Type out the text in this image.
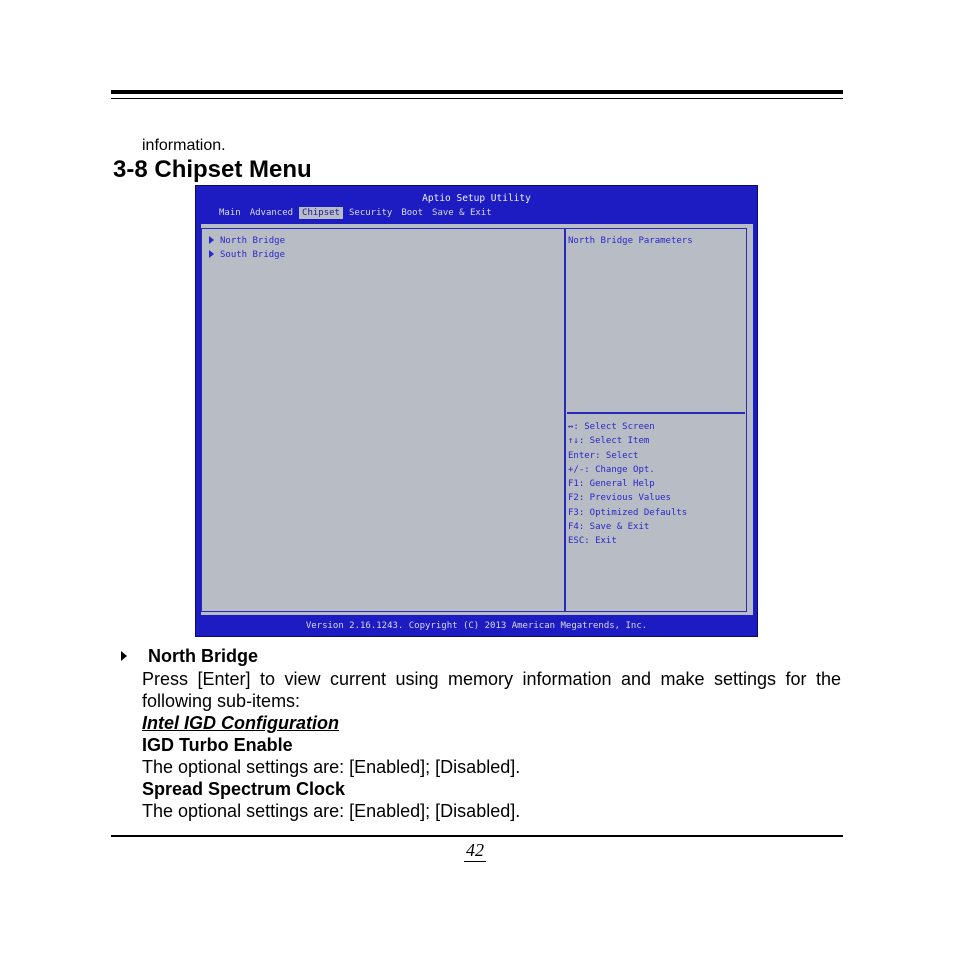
information.
3-8 Chipset Menu
Aptio Setup Utility
Main	Advanced	Chipset	Security	Boot	Save & Exit
North Bridge
South Bridge
North Bridge Parameters
↔: Select Screen
↑↓: Select Item
Enter: Select
+/-: Change Opt.
F1: General Help
F2: Previous Values
F3: Optimized Defaults
F4: Save & Exit
ESC: Exit
Version 2.16.1243. Copyright (C) 2013 American Megatrends, Inc.
North Bridge
Press [Enter] to view current using memory information and make settings for the
following sub-items:
Intel IGD Configuration
IGD Turbo Enable
The optional settings are: [Enabled]; [Disabled].
Spread Spectrum Clock
The optional settings are: [Enabled]; [Disabled].
42
